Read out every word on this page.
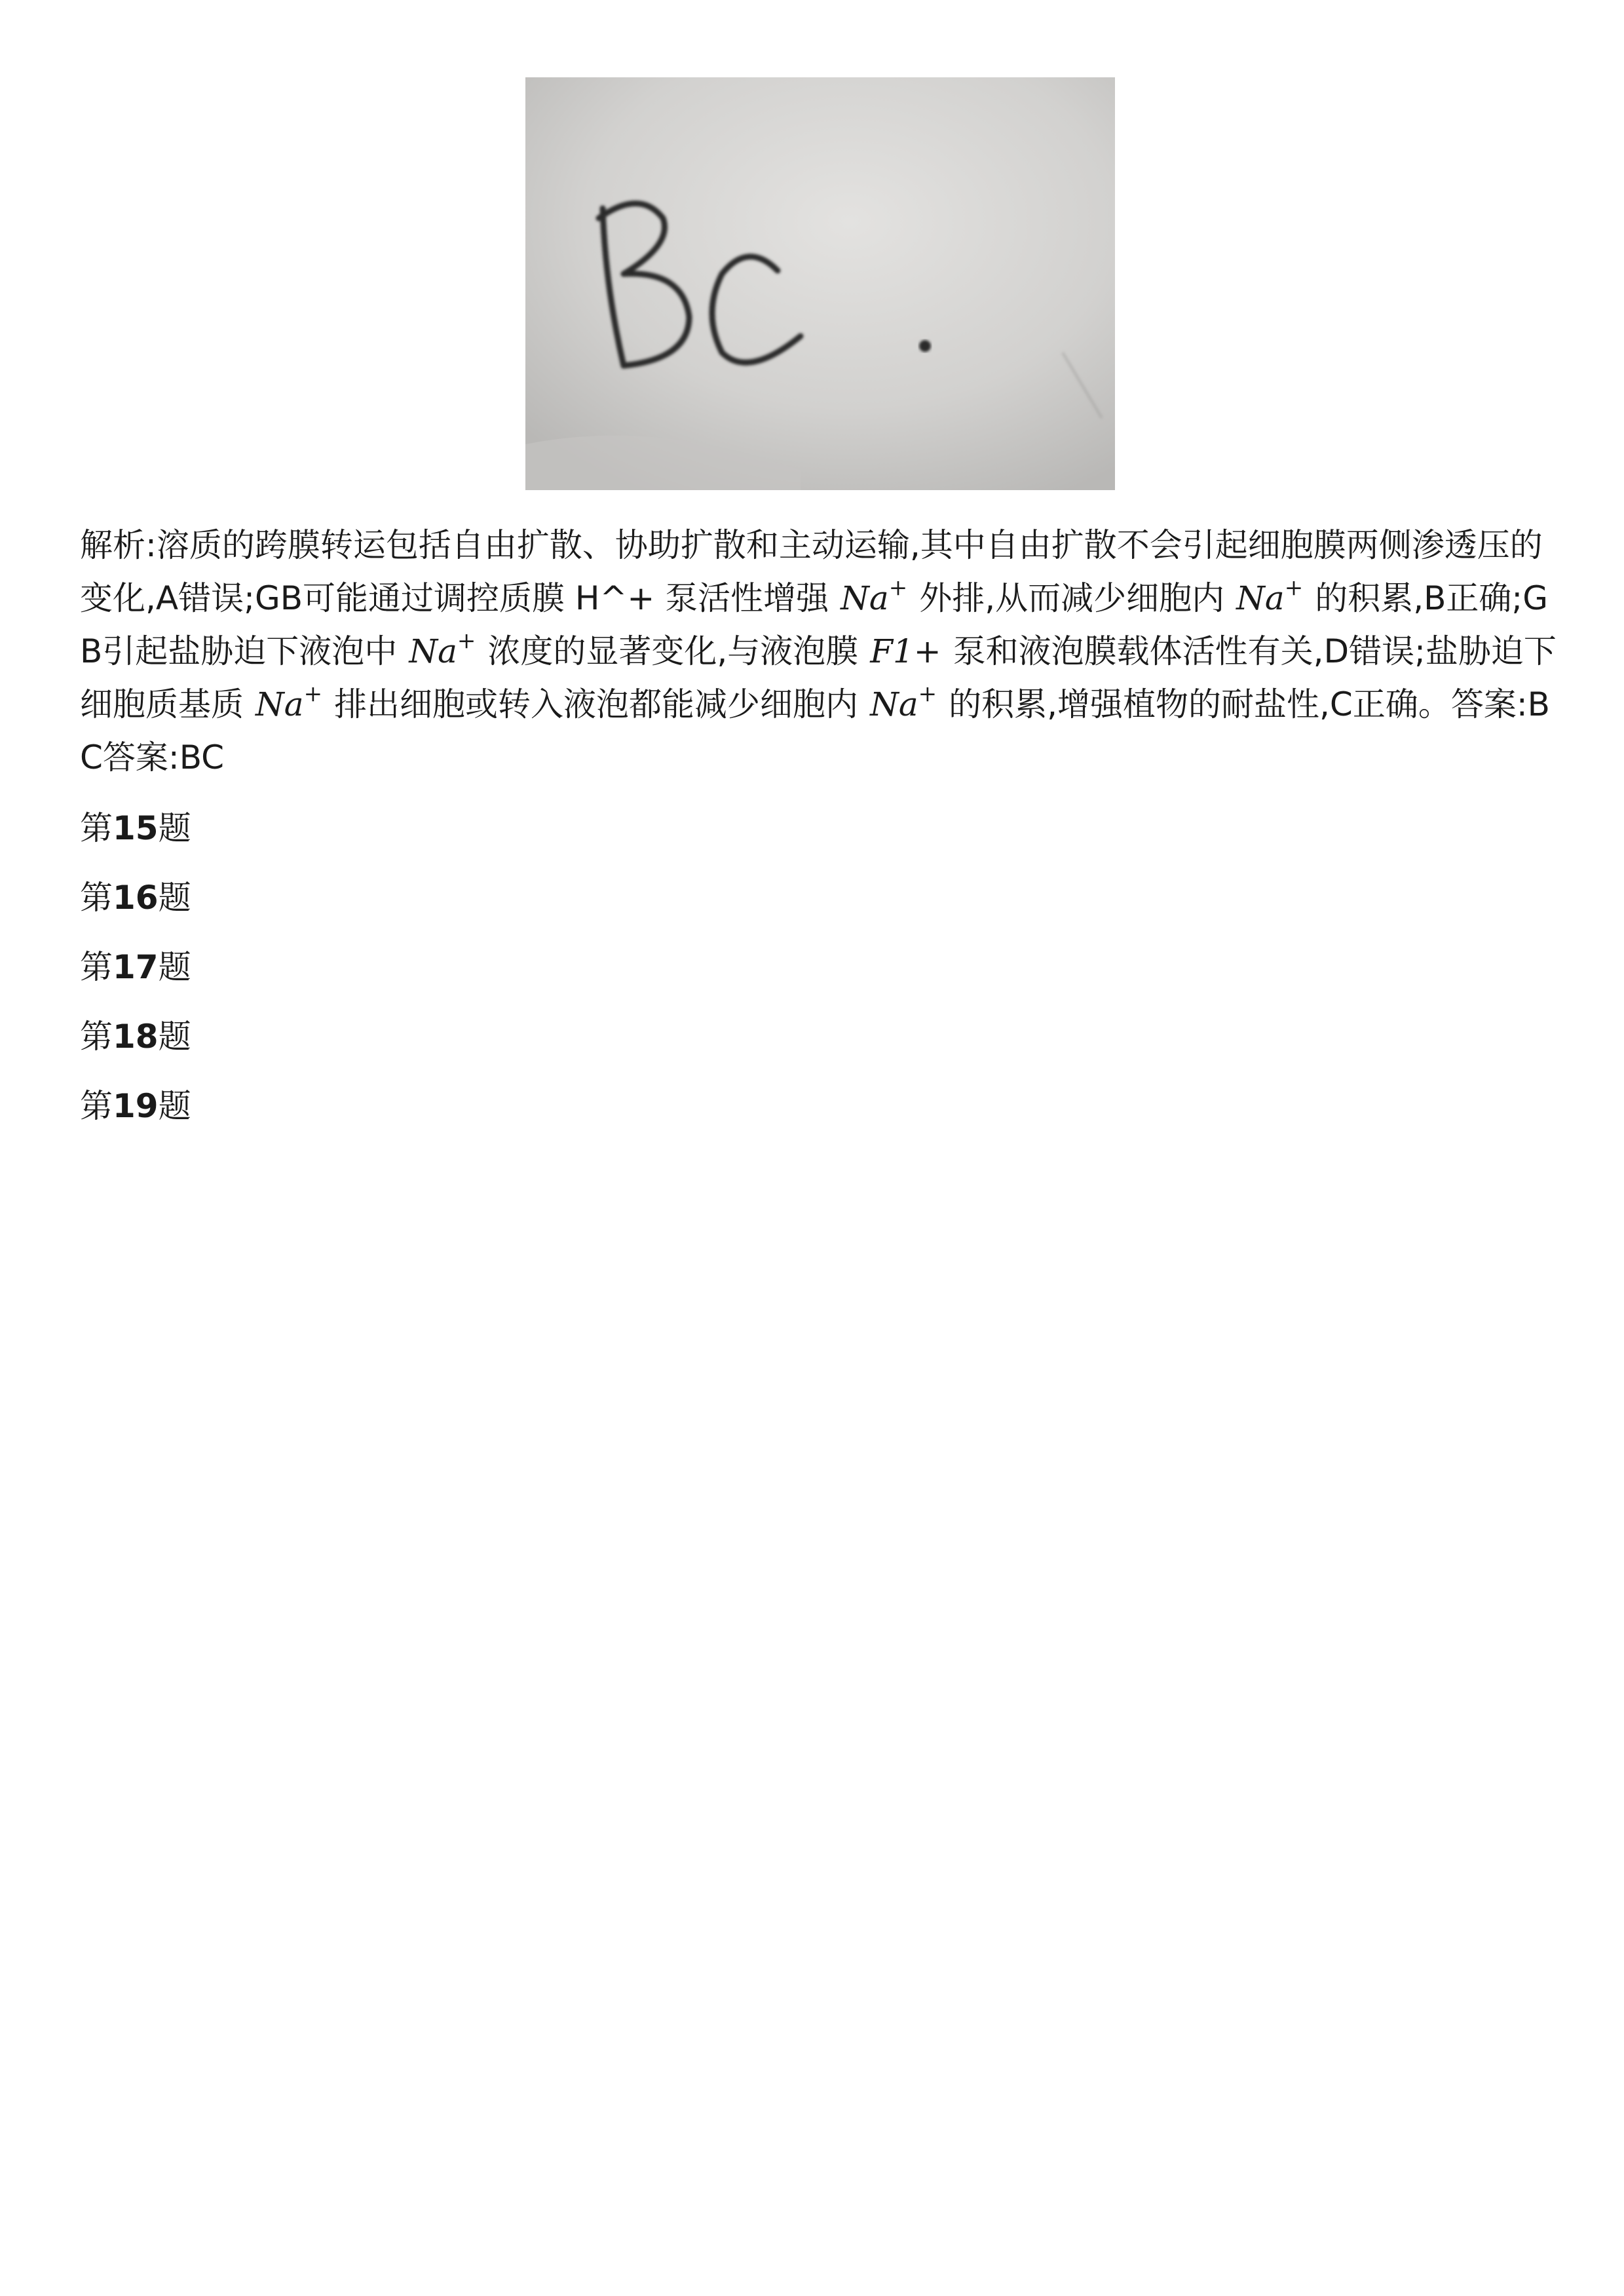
解析:溶质的跨膜转运包括自由扩散、协助扩散和主动运输,其中自由扩散不会引起细胞膜两侧渗透压的变化,A错误;GB可能通过调控质膜 H^+ 泵活性增强 Na+ 外排,从而减少细胞内 Na+ 的积累,B正确;GB引起盐胁迫下液泡中 Na+ 浓度的显著变化,与液泡膜 F1+ 泵和液泡膜载体活性有关,D错误;盐胁迫下细胞质基质 Na+ 排出细胞或转入液泡都能减少细胞内 Na+ 的积累,增强植物的耐盐性,C正确。答案:BC答案:BC
第15题
第16题
第17题
第18题
第19题
